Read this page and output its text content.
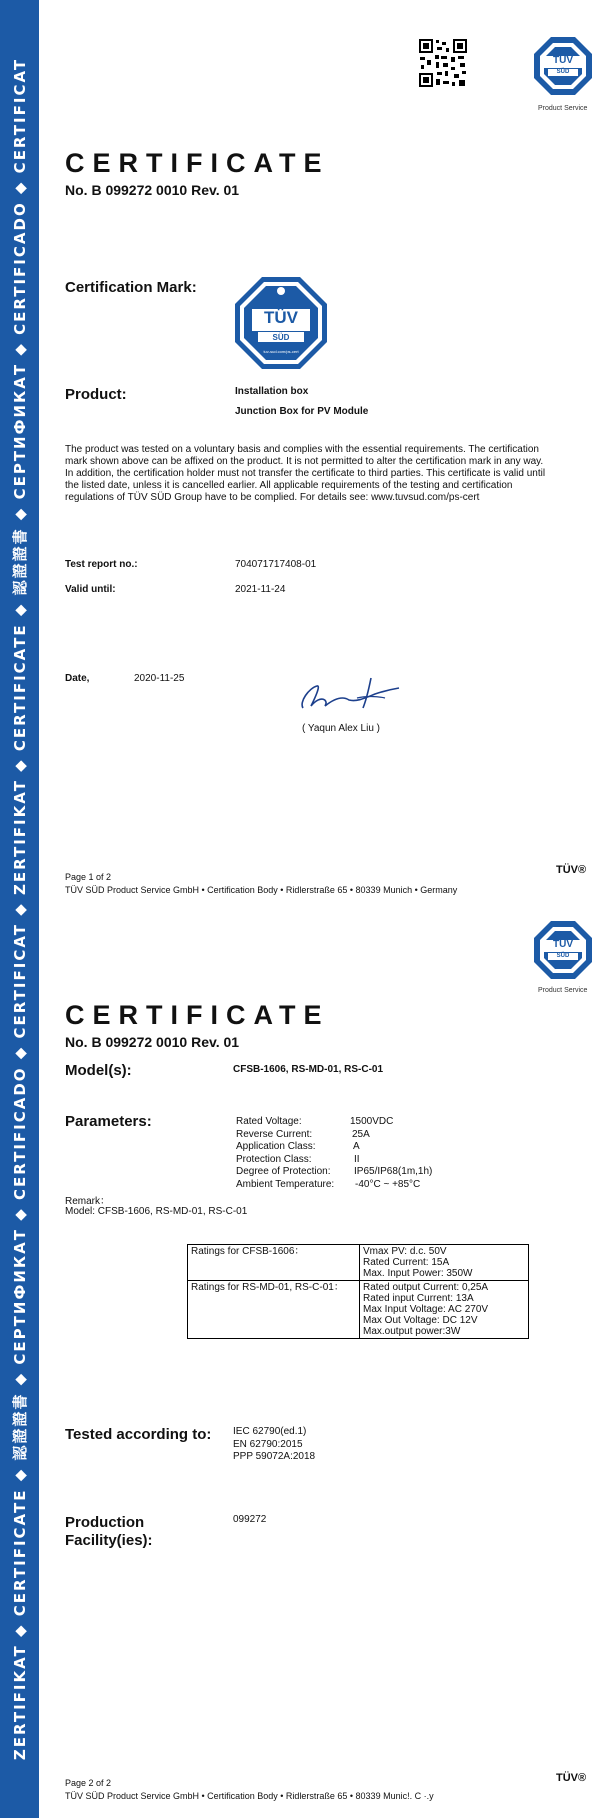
ZERTIFIKAT ◆ CERTIFICATE ◆ 認證證書 ◆ СЕРТИФИКАТ ◆ CERTIFICADO ◆ CERTIFICAT ◆ ZERTIFIKAT ◆ CERTIFICATE ◆ 認證證書 ◆ СЕРТИФИКАТ ◆ CERTIFICADO ◆ CERTIFICAT	TÜV
SÜD
Product Service
CERTIFICATE
No. B 099272 0010 Rev. 01
Certification Mark:
TÜV
SÜD
tuv-sud.com/ps-cert
Product:	Installation box
Junction Box for PV Module
The product was tested on a voluntary basis and complies with the essential requirements. The certification mark shown above can be affixed on the product. It is not permitted to alter the certification mark in any way. In addition, the certification holder must not transfer the certificate to third parties. This certificate is valid until the listed date, unless it is cancelled earlier. All applicable requirements of the testing and certification regulations of TÜV SÜD Group have to be complied. For details see: www.tuvsud.com/ps-cert
Test report no.:	704071717408-01
Valid until:	2021-11-24
Date,	2020-11-25
( Yaqun Alex Liu )
Page 1 of 2
TÜV SÜD Product Service GmbH • Certification Body • Ridlerstraße 65 • 80339 Munich • Germany
TÜV®
TÜV
SÜD
Product Service
CERTIFICATE
No. B 099272 0010 Rev. 01
Model(s):	CFSB-1606, RS-MD-01, RS-C-01
Parameters:	Rated Voltage:	1500VDC
Reverse Current:	25A
Application Class:	A
Protection Class:	II
Degree of Protection: IP65/IP68(1m,1h)
Ambient Temperature: -40°C ~ +85°C
Remark：
Model: CFSB-1606, RS-MD-01, RS-C-01
Ratings for CFSB-1606：	Vmax PV: d.c. 50V
Rated Current: 15A
Max. Input Power: 350W

Ratings for RS-MD-01, RS-C-01：	Rated output Current: 0,25A
Rated input Current: 13A
Max Input Voltage: AC 270V
Max Out Voltage: DC 12V
Max.output power:3W
Tested according to: IEC 62790(ed.1)
EN 62790:2015
PPP 59072A:2018
Production Facility(ies):
099272
Page 2 of 2
TÜV SÜD Product Service GmbH • Certification Body • Ridlerstraße 65 • 80339 Munic!. C ·.y
TÜV®
